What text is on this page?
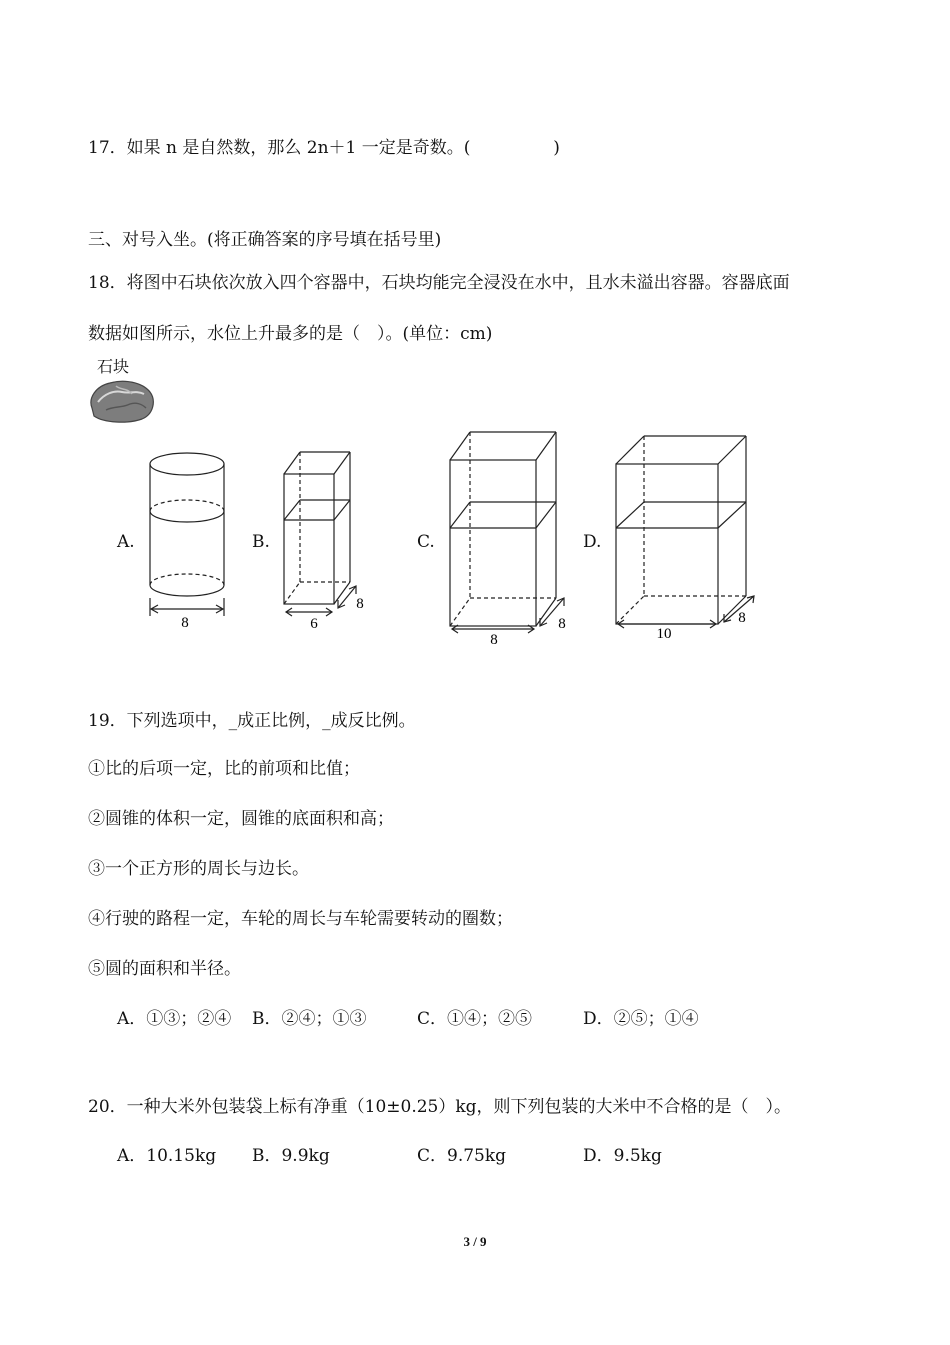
17．如果 n 是自然数，那么 2n＋1 一定是奇数。(	)
三、对号入坐。(将正确答案的序号填在括号里)
18．将图中石块依次放入四个容器中，石块均能完全浸没在水中，且水未溢出容器。容器底面
数据如图所示，水位上升最多的是（　）。(单位：cm)
石块
A.	B.	C.	D.
8	6
8
8
8
10
8
19．下列选项中，_成正比例，_成反比例。
①比的后项一定，比的前项和比值；
②圆锥的体积一定，圆锥的底面积和高；
③一个正方形的周长与边长。
④行驶的路程一定，车轮的周长与车轮需要转动的圈数；
⑤圆的面积和半径。
A．①③；②④ B．②④；①③	C．①④；②⑤	D．②⑤；①④
20．一种大米外包装袋上标有净重（10±0.25）kg，则下列包装的大米中不合格的是（　）。
A．10.15kg B．9.9kg	C．9.75kg	D．9.5kg
3 / 9
